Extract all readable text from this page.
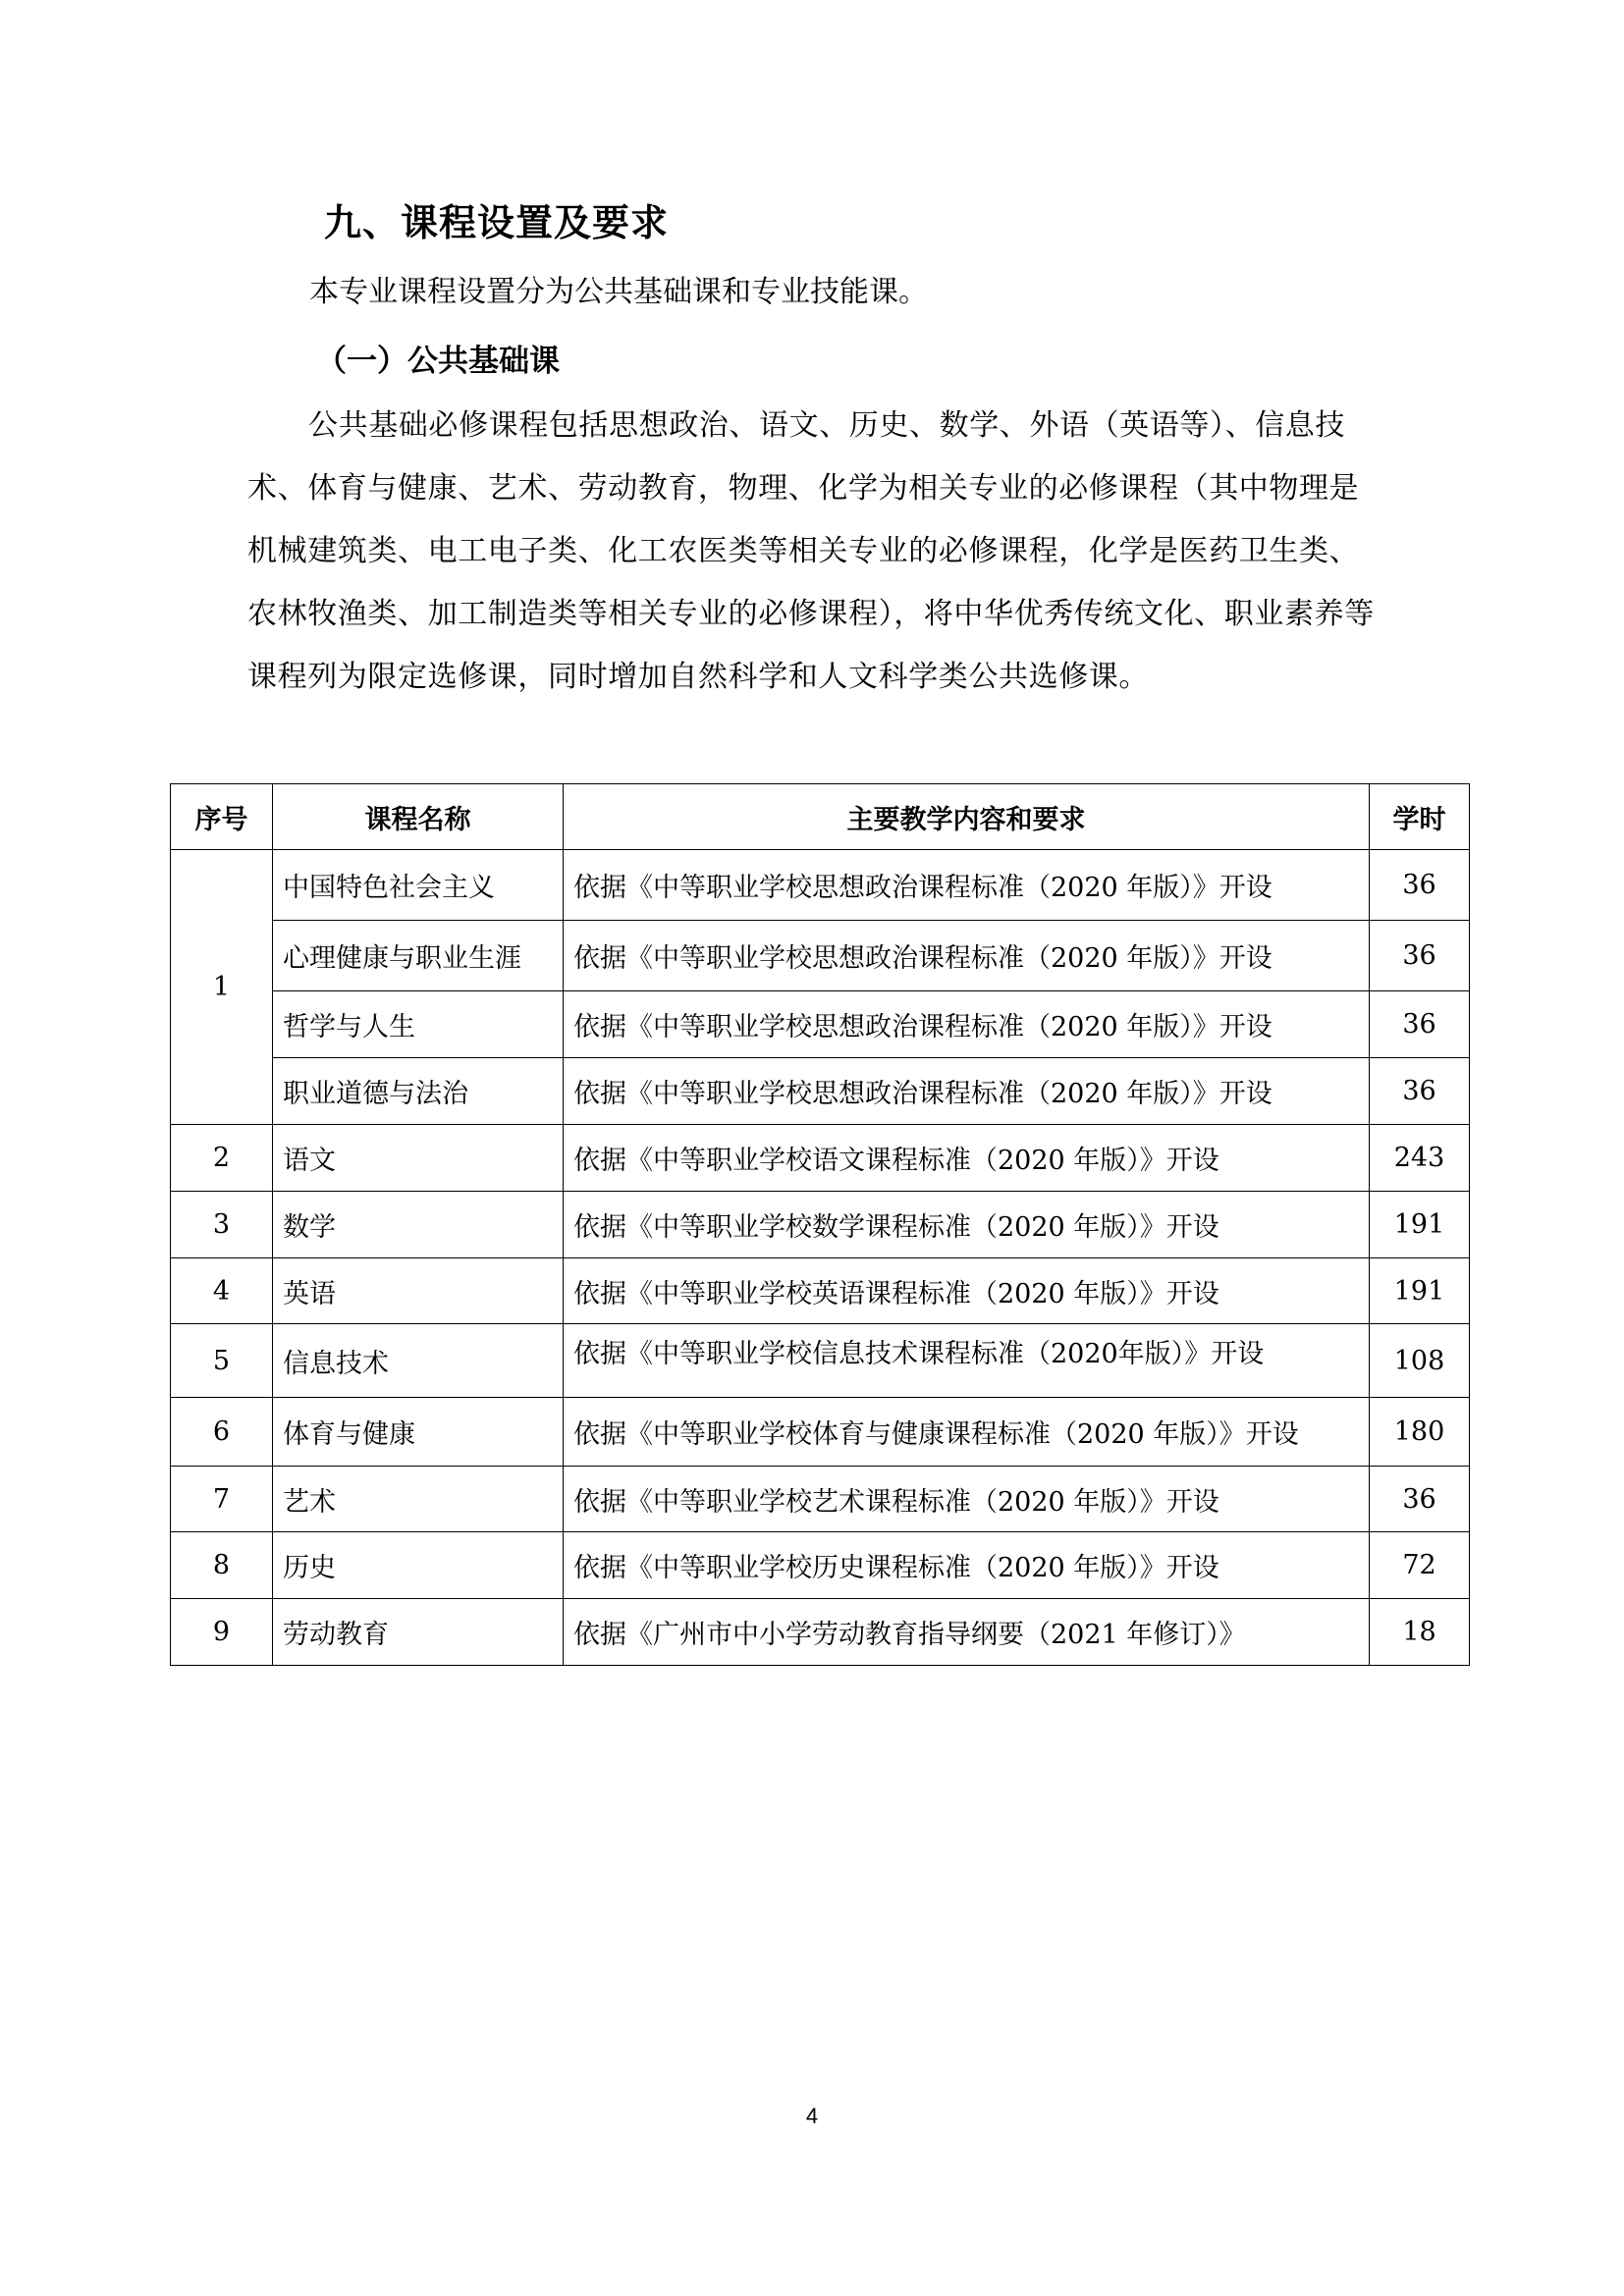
九、课程设置及要求
本专业课程设置分为公共基础课和专业技能课。
（一）公共基础课
公共基础必修课程包括思想政治、语文、历史、数学、外语（英语等）、信息技术、体育与健康、艺术、劳动教育，物理、化学为相关专业的必修课程（其中物理是机械建筑类、电工电子类、化工农医类等相关专业的必修课程，化学是医药卫生类、农林牧渔类、加工制造类等相关专业的必修课程），将中华优秀传统文化、职业素养等课程列为限定选修课，同时增加自然科学和人文科学类公共选修课。
序号	课程名称	主要教学内容和要求	学时
1	中国特色社会主义	依据《中等职业学校思想政治课程标准（2020 年版）》开设	36
	心理健康与职业生涯	依据《中等职业学校思想政治课程标准（2020 年版）》开设	36
	哲学与人生	依据《中等职业学校思想政治课程标准（2020 年版）》开设	36
	职业道德与法治	依据《中等职业学校思想政治课程标准（2020 年版）》开设	36
2	语文	依据《中等职业学校语文课程标准（2020 年版）》开设	243
3	数学	依据《中等职业学校数学课程标准（2020 年版）》开设	191
4	英语	依据《中等职业学校英语课程标准（2020 年版）》开设	191
5	信息技术	依据《中等职业学校信息技术课程标准（2020年版）》开设	108
6	体育与健康	依据《中等职业学校体育与健康课程标准（2020 年版）》开设	180
7	艺术	依据《中等职业学校艺术课程标准（2020 年版）》开设	36
8	历史	依据《中等职业学校历史课程标准（2020 年版）》开设	72
9	劳动教育	依据《广州市中小学劳动教育指导纲要（2021 年修订）》	18
4
